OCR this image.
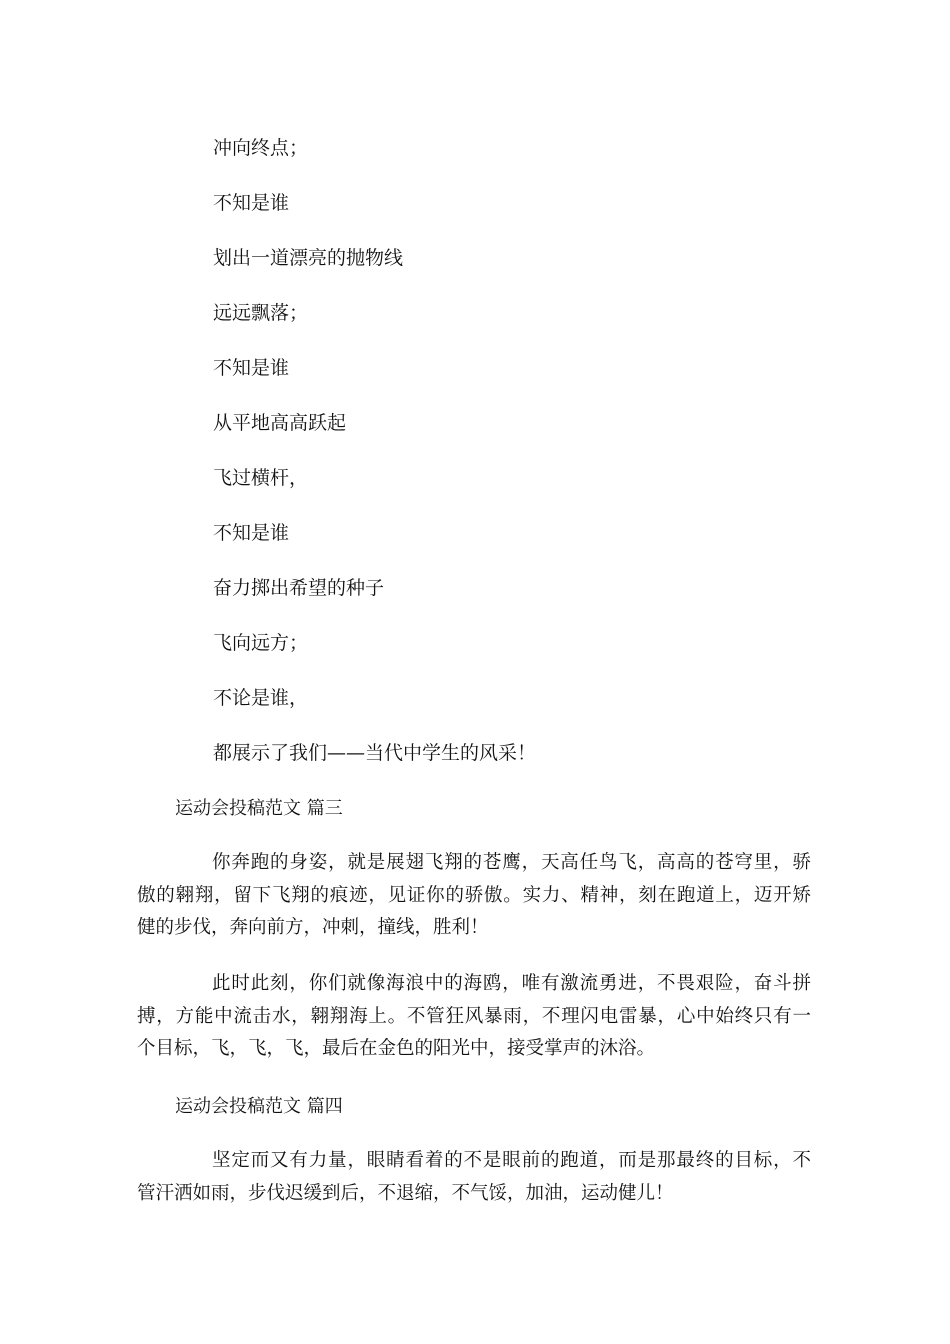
冲向终点；

不知是谁

划出一道漂亮的抛物线

远远飘落；

不知是谁

从平地高高跃起

飞过横杆，

不知是谁

奋力掷出希望的种子

飞向远方；

不论是谁，

都展示了我们——当代中学生的风采！

运动会投稿范文 篇三
你奔跑的身姿，就是展翅飞翔的苍鹰，天高任鸟飞，高高的苍穹里，骄
傲的翱翔，留下飞翔的痕迹，见证你的骄傲。实力、精神，刻在跑道上，迈开矫
健的步伐，奔向前方，冲刺，撞线，胜利！
此时此刻，你们就像海浪中的海鸥，唯有激流勇进，不畏艰险，奋斗拼
搏，方能中流击水，翱翔海上。不管狂风暴雨，不理闪电雷暴，心中始终只有一
个目标，飞，飞，飞，最后在金色的阳光中，接受掌声的沐浴。
运动会投稿范文 篇四
坚定而又有力量，眼睛看着的不是眼前的跑道，而是那最终的目标，不
管汗洒如雨，步伐迟缓到后，不退缩，不气馁，加油，运动健儿！
